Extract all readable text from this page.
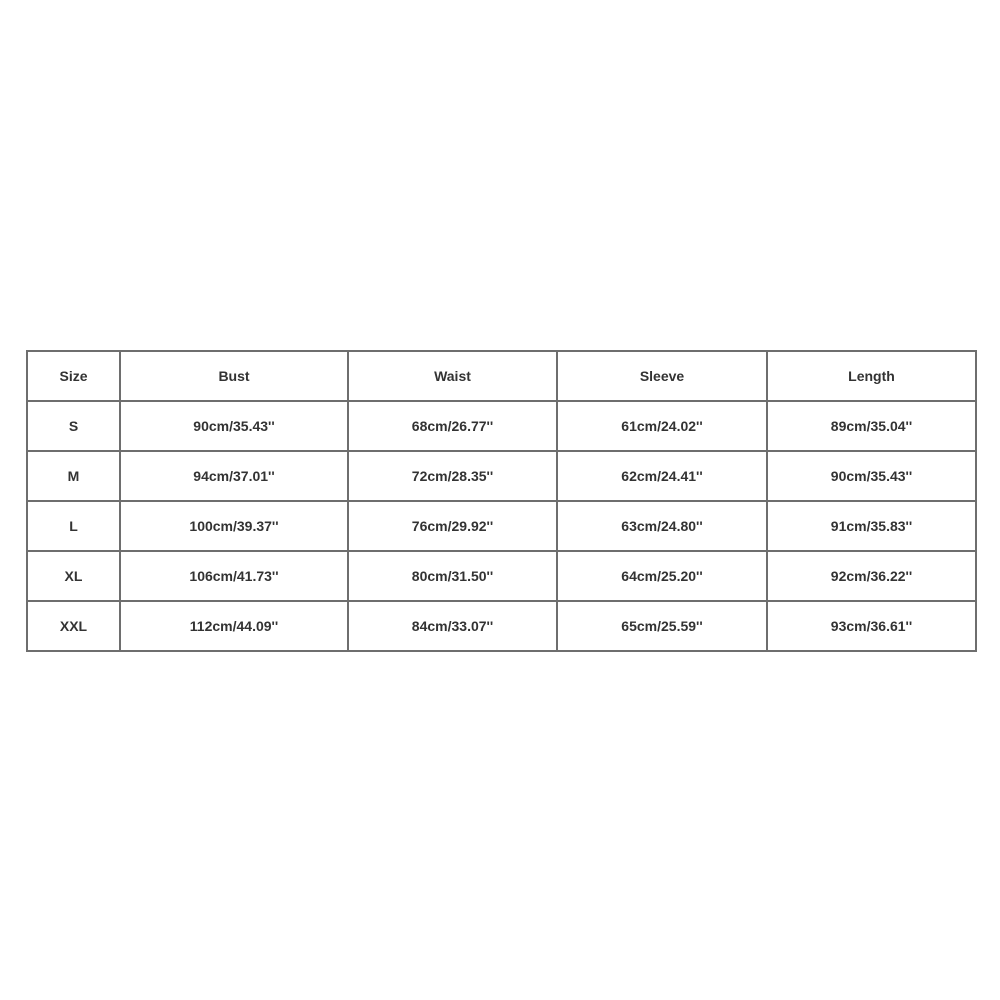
Size	Bust	Waist	Sleeve	Length
S	90cm/35.43''	68cm/26.77''	61cm/24.02''	89cm/35.04''
M	94cm/37.01''	72cm/28.35''	62cm/24.41''	90cm/35.43''
L	100cm/39.37''	76cm/29.92''	63cm/24.80''	91cm/35.83''
XL	106cm/41.73''	80cm/31.50''	64cm/25.20''	92cm/36.22''
XXL	112cm/44.09''	84cm/33.07''	65cm/25.59''	93cm/36.61''
